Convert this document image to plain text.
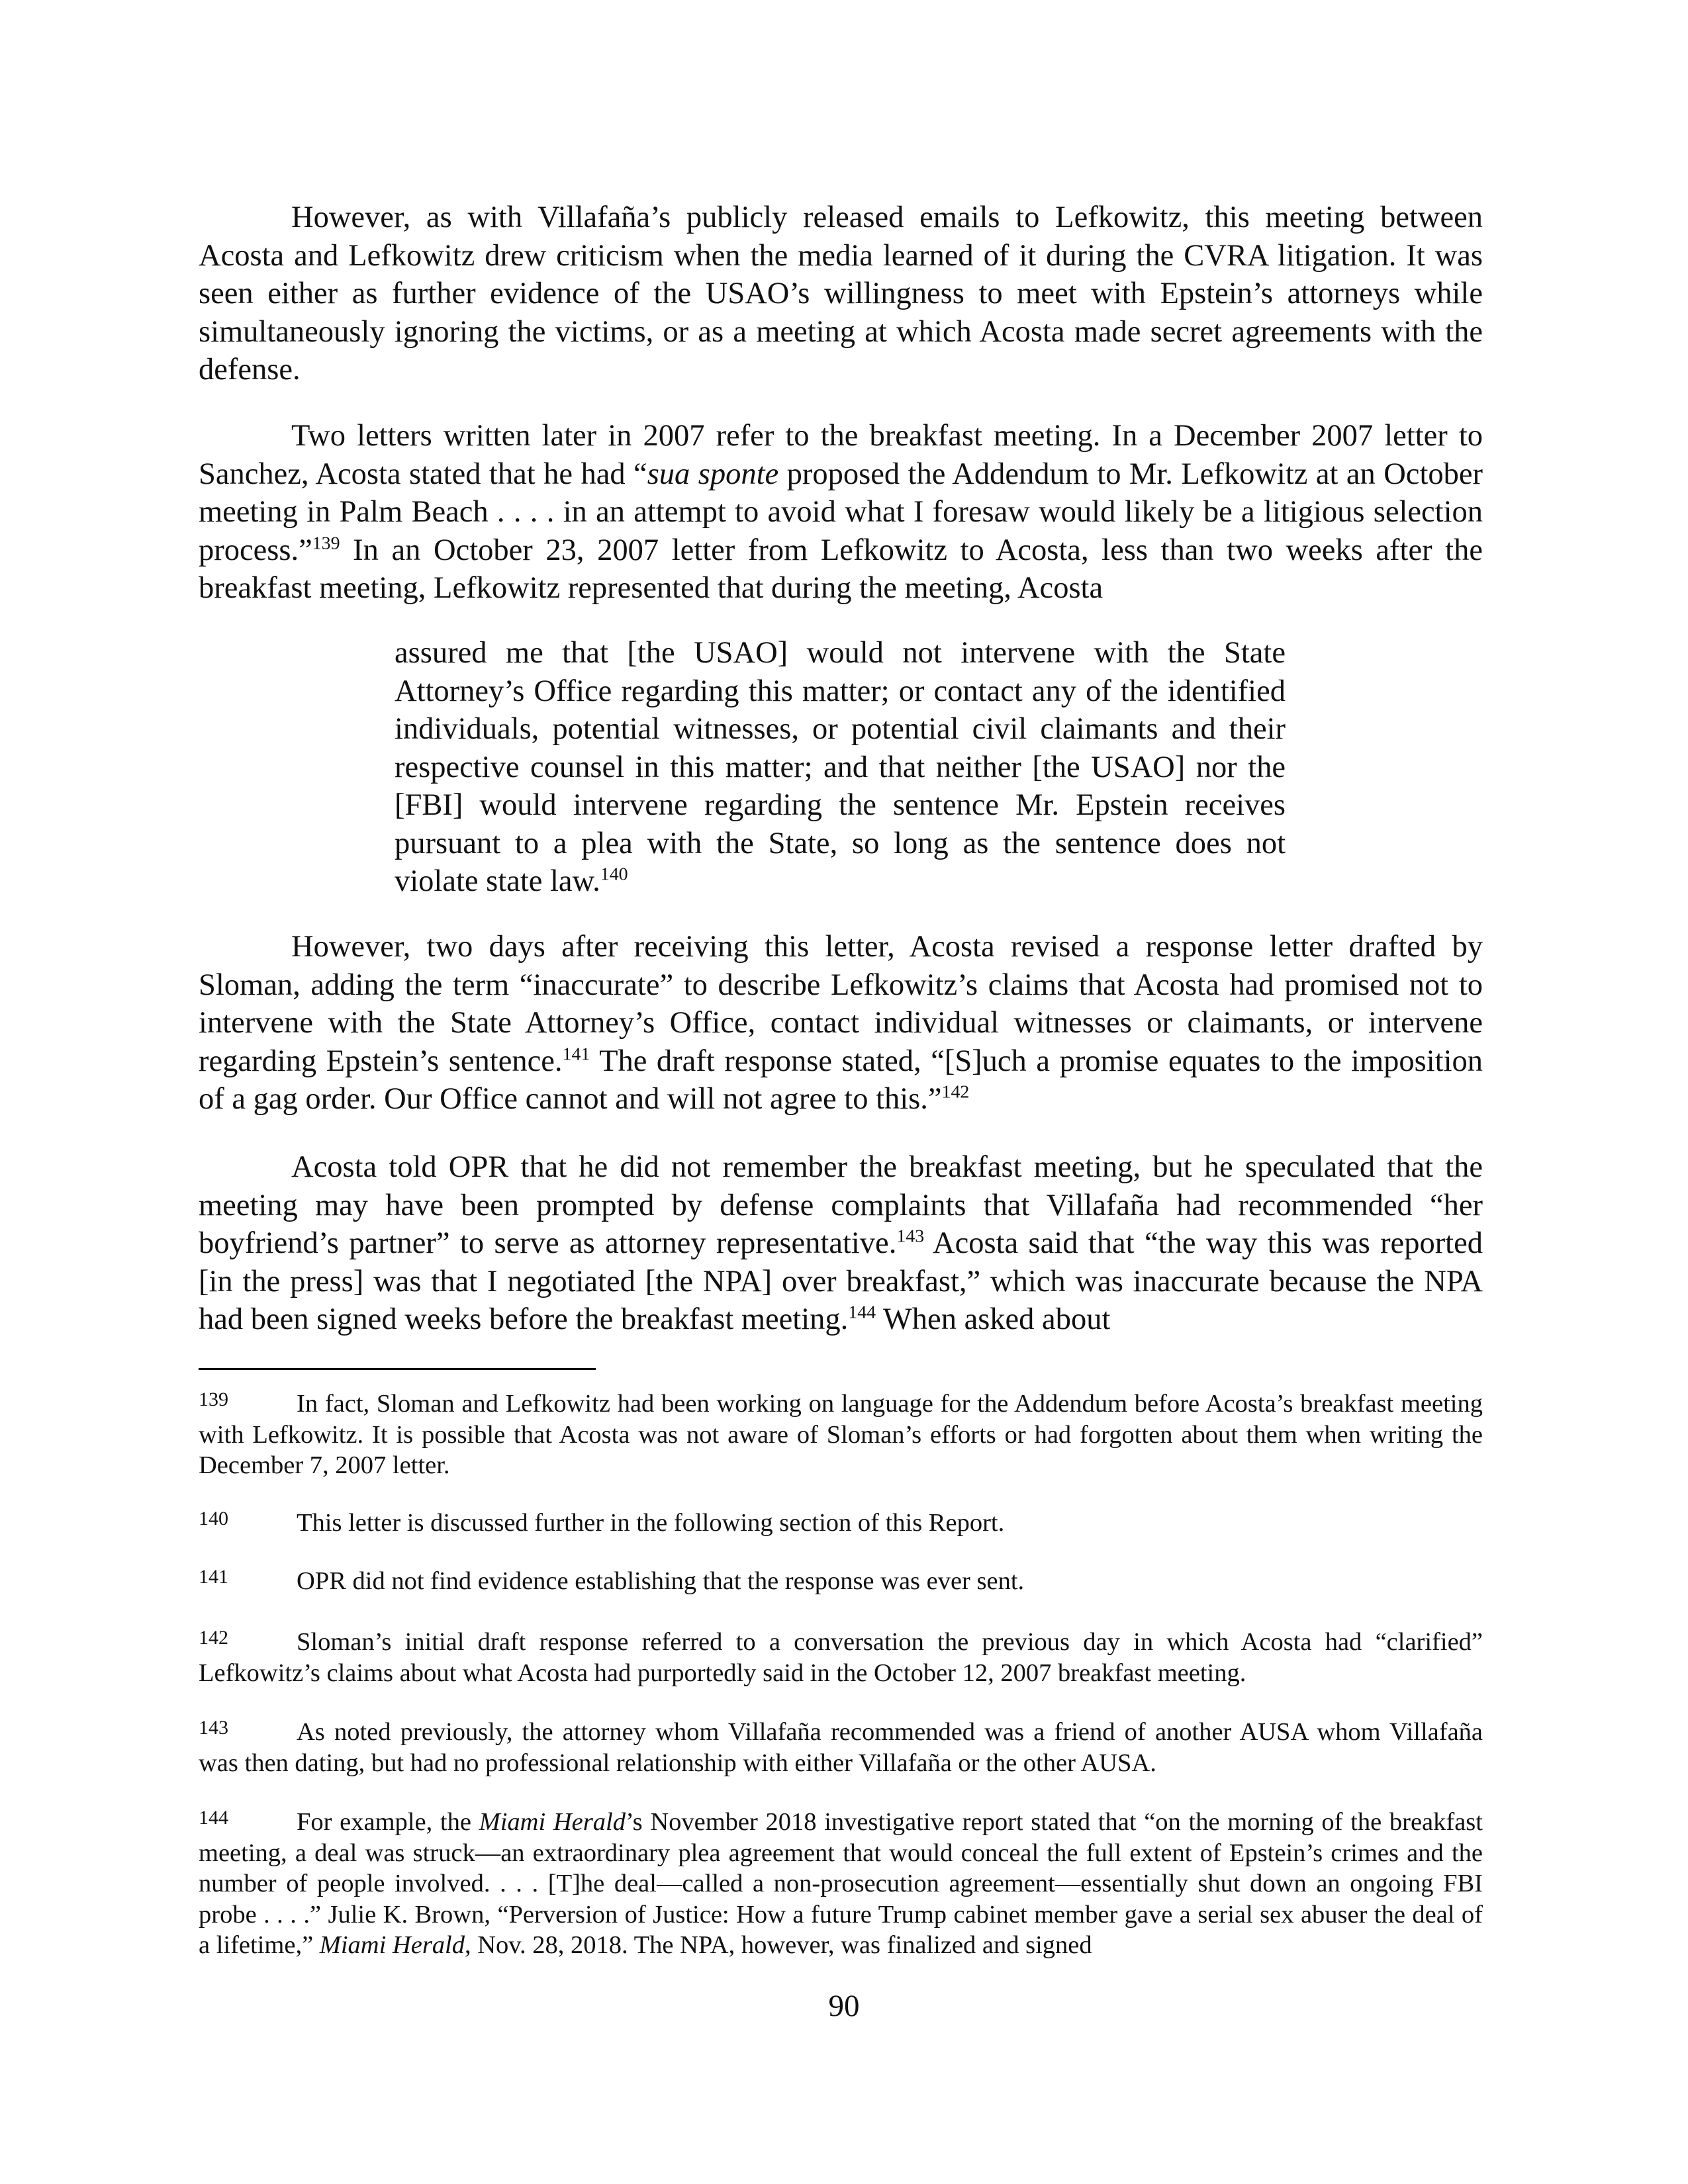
However, as with Villafaña’s publicly released emails to Lefkowitz, this meeting between Acosta and Lefkowitz drew criticism when the media learned of it during the CVRA litigation. It was seen either as further evidence of the USAO’s willingness to meet with Epstein’s attorneys while simultaneously ignoring the victims, or as a meeting at which Acosta made secret agreements with the defense.

Two letters written later in 2007 refer to the breakfast meeting. In a December 2007 letter to Sanchez, Acosta stated that he had “sua sponte proposed the Addendum to Mr. Lefkowitz at an October meeting in Palm Beach . . . . in an attempt to avoid what I foresaw would likely be a litigious selection process.”$^{139}$ In an October 23, 2007 letter from Lefkowitz to Acosta, less than two weeks after the breakfast meeting, Lefkowitz represented that during the meeting, Acosta

assured me that [the USAO] would not intervene with the State Attorney’s Office regarding this matter; or contact any of the identified individuals, potential witnesses, or potential civil claimants and their respective counsel in this matter; and that neither [the USAO] nor the [FBI] would intervene regarding the sentence Mr. Epstein receives pursuant to a plea with the State, so long as the sentence does not violate state law.$^{140}$

However, two days after receiving this letter, Acosta revised a response letter drafted by Sloman, adding the term “inaccurate” to describe Lefkowitz’s claims that Acosta had promised not to intervene with the State Attorney’s Office, contact individual witnesses or claimants, or intervene regarding Epstein’s sentence.$^{141}$ The draft response stated, “[S]uch a promise equates to the imposition of a gag order. Our Office cannot and will not agree to this.”$^{142}$

Acosta told OPR that he did not remember the breakfast meeting, but he speculated that the meeting may have been prompted by defense complaints that Villafaña had recommended “her boyfriend’s partner” to serve as attorney representative.$^{143}$ Acosta said that “the way this was reported [in the press] was that I negotiated [the NPA] over breakfast,” which was inaccurate because the NPA had been signed weeks before the breakfast meeting.$^{144}$ When asked about

139	In fact, Sloman and Lefkowitz had been working on language for the Addendum before Acosta’s breakfast meeting with Lefkowitz. It is possible that Acosta was not aware of Sloman’s efforts or had forgotten about them when writing the December 7, 2007 letter.
140	This letter is discussed further in the following section of this Report.
141	OPR did not find evidence establishing that the response was ever sent.
142	Sloman’s initial draft response referred to a conversation the previous day in which Acosta had “clarified” Lefkowitz’s claims about what Acosta had purportedly said in the October 12, 2007 breakfast meeting.
143	As noted previously, the attorney whom Villafaña recommended was a friend of another AUSA whom Villafaña was then dating, but had no professional relationship with either Villafaña or the other AUSA.
144	For example, the Miami Herald’s November 2018 investigative report stated that “on the morning of the breakfast meeting, a deal was struck—an extraordinary plea agreement that would conceal the full extent of Epstein’s crimes and the number of people involved. . . . [T]he deal—called a non-prosecution agreement—essentially shut down an ongoing FBI probe . . . .” Julie K. Brown, “Perversion of Justice: How a future Trump cabinet member gave a serial sex abuser the deal of a lifetime,” Miami Herald, Nov. 28, 2018. The NPA, however, was finalized and signed
90
